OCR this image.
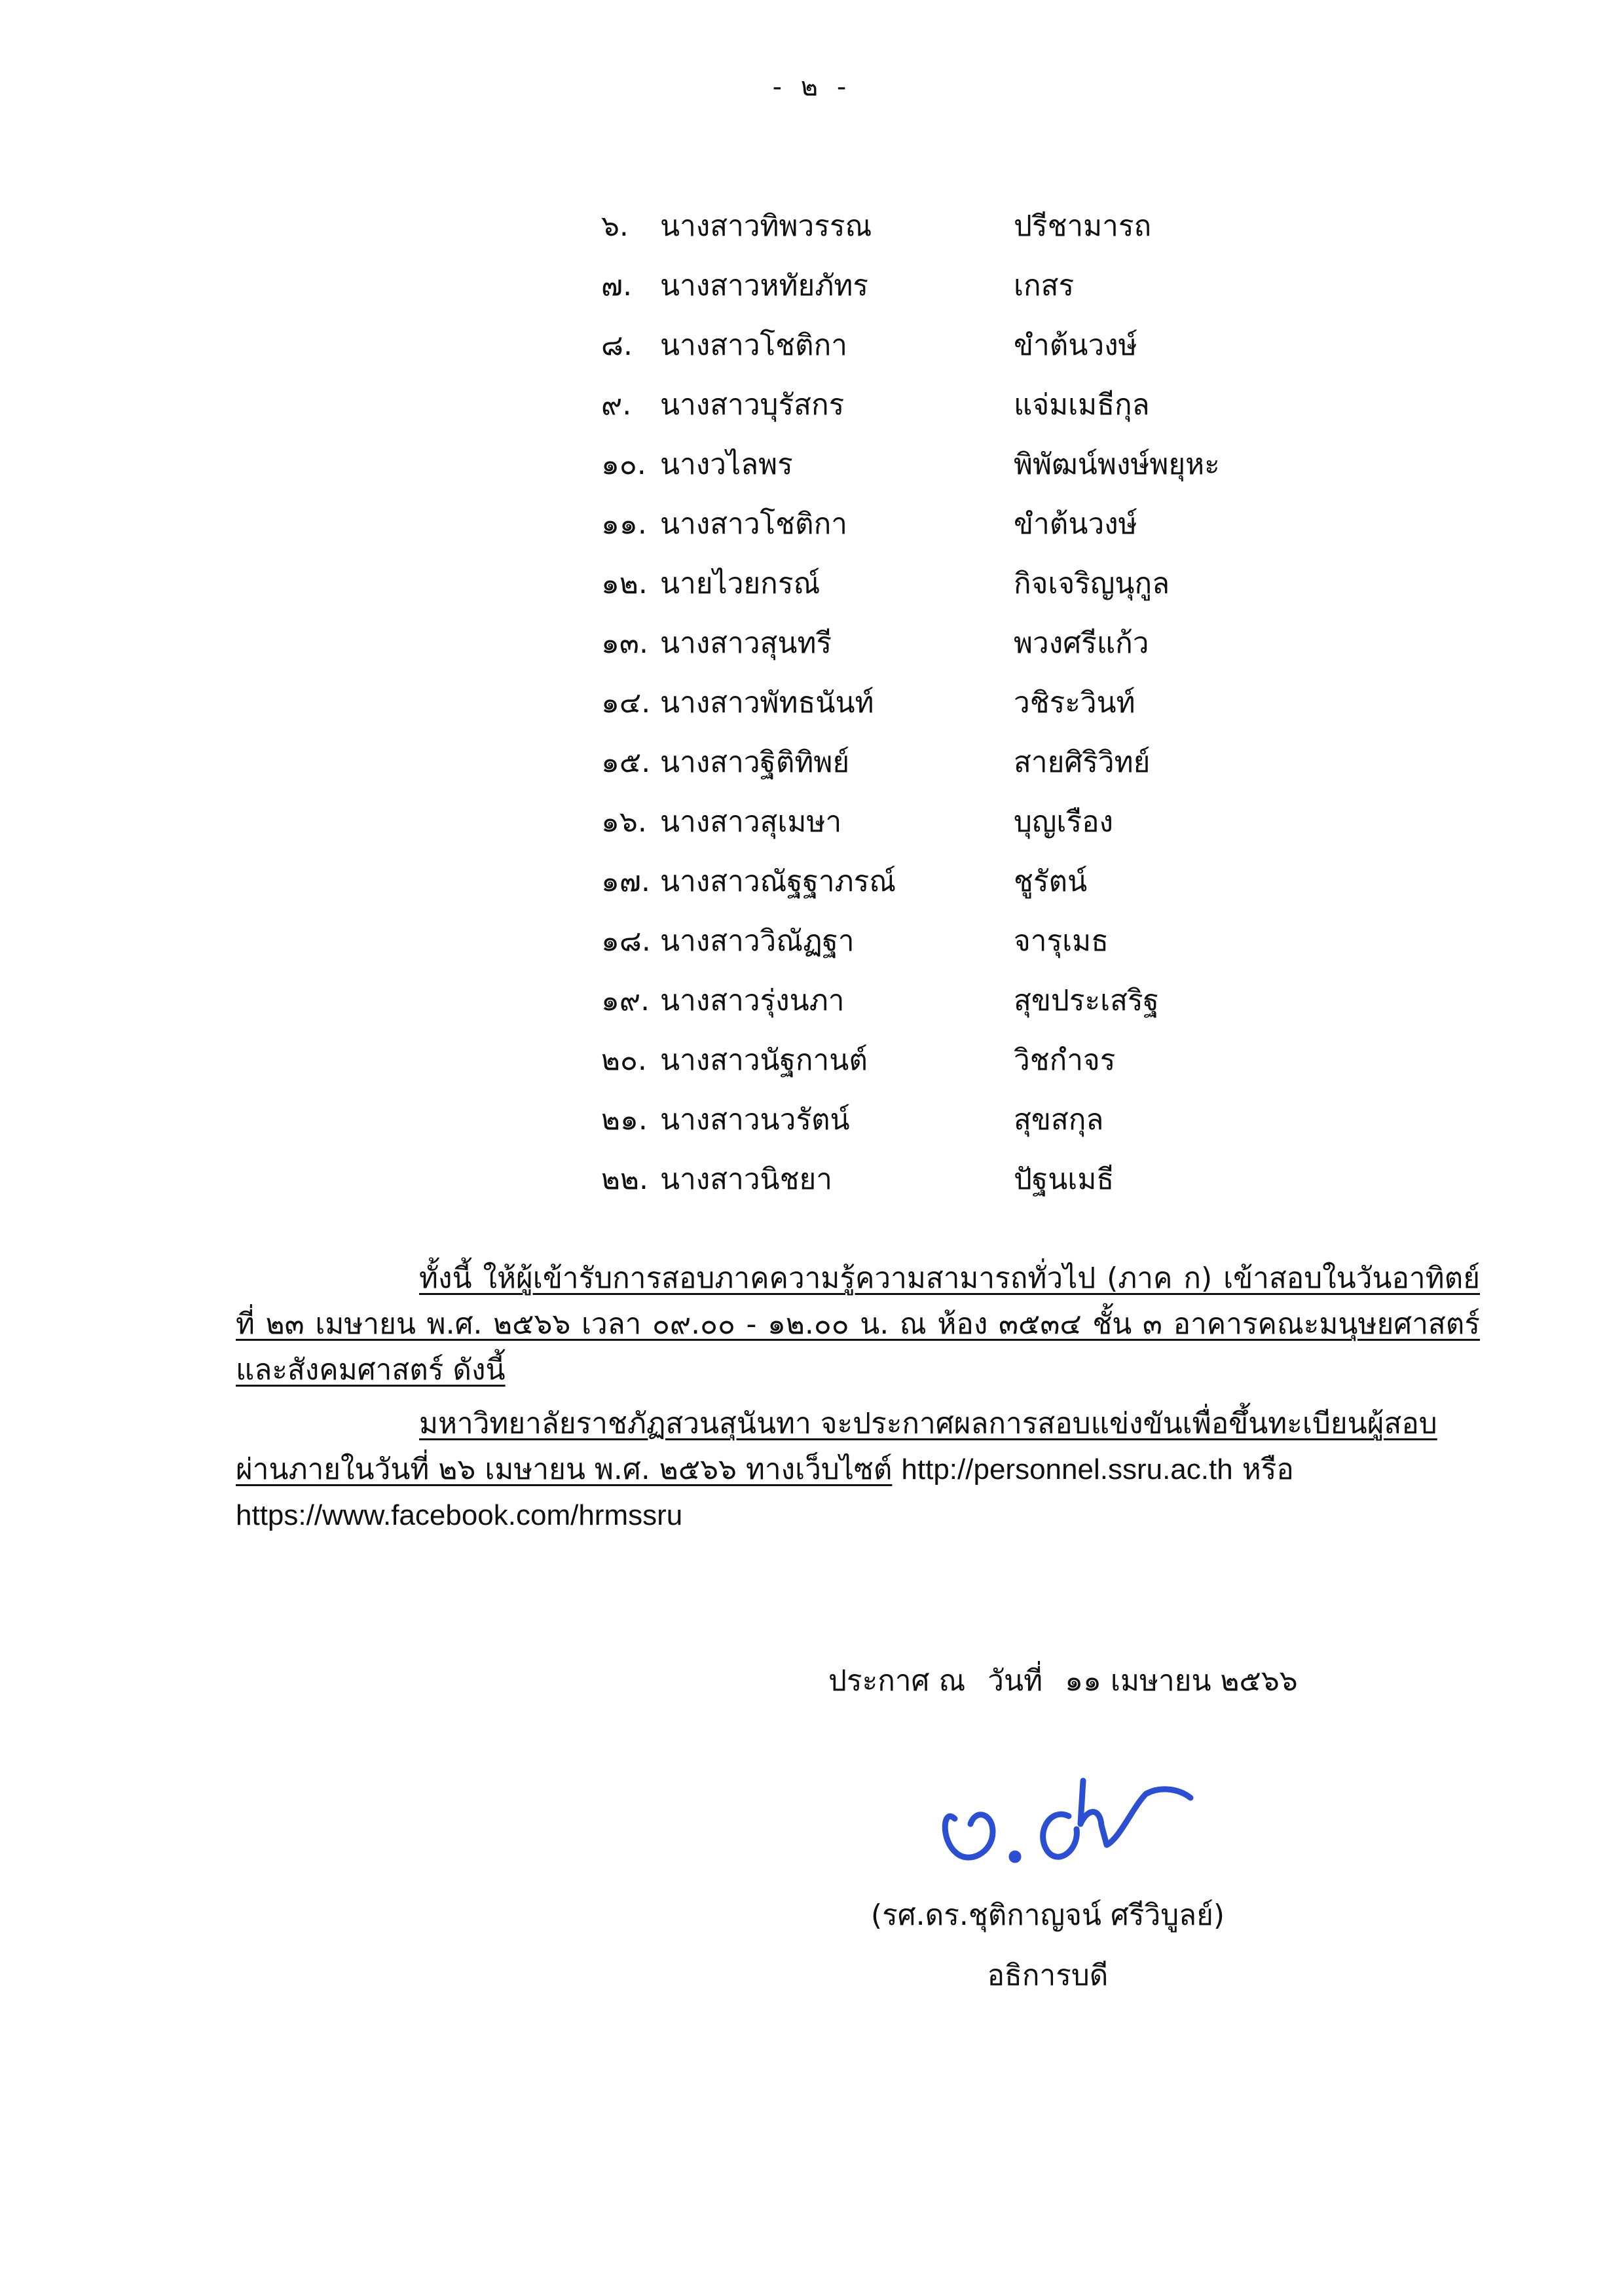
- ๒ -
๖.	นางสาวทิพวรรณ	ปรีชามารถ
๗. นางสาวหทัยภัทร	เกสร
๘. นางสาวโชติกา	ขำต้นวงษ์
๙. นางสาวบุรัสกร	แจ่มเมธีกุล
๑๐. นางวไลพร	พิพัฒน์พงษ์พยุหะ
๑๑. นางสาวโชติกา	ขำต้นวงษ์
๑๒. นายไวยกรณ์	กิจเจริญนุกูล
๑๓. นางสาวสุนทรี	พวงศรีแก้ว
๑๔. นางสาวพัทธนันท์	วชิระวินท์
๑๕. นางสาวฐิติทิพย์	สายศิริวิทย์
๑๖. นางสาวสุเมษา	บุญเรือง
๑๗. นางสาวณัฐฐาภรณ์	ชูรัตน์
๑๘. นางสาววิณัฏฐา	จารุเมธ
๑๙. นางสาวรุ่งนภา	สุขประเสริฐ
๒๐. นางสาวนัฐกานต์	วิชกำจร
๒๑. นางสาวนวรัตน์	สุขสกุล
๒๒. นางสาวนิชยา	ปัฐนเมธี
ทั้งนี้ ให้ผู้เข้ารับการสอบภาคความรู้ความสามารถทั่วไป (ภาค ก) เข้าสอบในวันอาทิตย์ที่ ๒๓ เมษายน พ.ศ. ๒๕๖๖ เวลา ๐๙.๐๐ - ๑๒.๐๐ น. ณ ห้อง ๓๕๓๔ ชั้น ๓ อาคารคณะมนุษยศาสตร์และสังคมศาสตร์ ดังนี้
มหาวิทยาลัยราชภัฏสวนสุนันทา จะประกาศผลการสอบแข่งขันเพื่อขึ้นทะเบียนผู้สอบผ่านภายในวันที่ ๒๖ เมษายน พ.ศ. ๒๕๖๖ ทางเว็บไซต์ http://personnel.ssru.ac.th หรือ https://www.facebook.com/hrmssru
ประกาศ ณ วันที่ ๑๑ เมษายน ๒๕๖๖
(รศ.ดร.ชุติกาญจน์ ศรีวิบูลย์)
อธิการบดี
